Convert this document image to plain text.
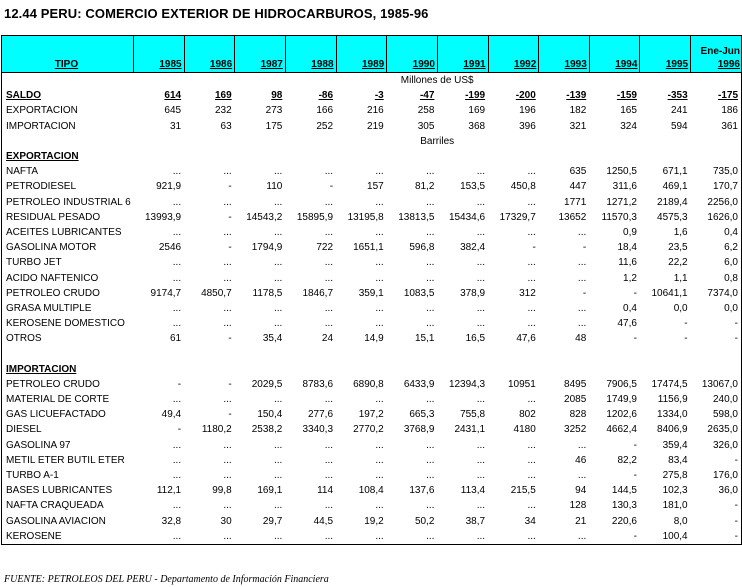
12.44 PERU: COMERCIO EXTERIOR DE HIDROCARBUROS, 1985-96
TIPO	1985	1986	1987	1988	1989	1990	1991	1992	1993	1994	1995	Ene-Jun
1996
	Millones de US$											
SALDO	614	169	98	-86	-3	-47	-199	-200	-139	-159	-353	-175
EXPORTACION	645	232	273	166	216	258	169	196	182	165	241	186
IMPORTACION	31	63	175	252	219	305	368	396	321	324	594	361
	Barriles											
EXPORTACION												
NAFTA	...	...	...	...	...	...	...	...	635	1250,5	671,1	735,0
PETRODIESEL	921,9	-	110	-	157	81,2	153,5	450,8	447	311,6	469,1	170,7
PETROLEO INDUSTRIAL 6	...	...	...	...	...	...	...	...	1771	1271,2	2189,4	2256,0
RESIDUAL PESADO	13993,9	-	14543,2	15895,9	13195,8	13813,5	15434,6	17329,7	13652	11570,3	4575,3	1626,0
ACEITES LUBRICANTES	...	...	...	...	...	...	...	...	...	0,9	1,6	0,4
GASOLINA MOTOR	2546	-	1794,9	722	1651,1	596,8	382,4	-	-	18,4	23,5	6,2
TURBO JET	...	...	...	...	...	...	...	...	...	11,6	22,2	6,0
ACIDO NAFTENICO	...	...	...	...	...	...	...	...	...	1,2	1,1	0,8
PETROLEO CRUDO	9174,7	4850,7	1178,5	1846,7	359,1	1083,5	378,9	312	-	-	10641,1	7374,0
GRASA MULTIPLE	...	...	...	...	...	...	...	...	...	0,4	0,0	0,0
KEROSENE DOMESTICO	...	...	...	...	...	...	...	...	...	47,6	-	-
OTROS	61	-	35,4	24	14,9	15,1	16,5	47,6	48	-	-	-

IMPORTACION												
PETROLEO CRUDO	-	-	2029,5	8783,6	6890,8	6433,9	12394,3	10951	8495	7906,5	17474,5	13067,0
MATERIAL DE CORTE	...	...	...	...	...	...	...	...	2085	1749,9	1156,9	240,0
GAS LICUEFACTADO	49,4	-	150,4	277,6	197,2	665,3	755,8	802	828	1202,6	1334,0	598,0
DIESEL	-	1180,2	2538,2	3340,3	2770,2	3768,9	2431,1	4180	3252	4662,4	8406,9	2635,0
GASOLINA 97	...	...	...	...	...	...	...	...	...	-	359,4	326,0
METIL ETER BUTIL ETER	...	...	...	...	...	...	...	...	46	82,2	83,4	-
TURBO A-1	...	...	...	...	...	...	...	...	...	-	275,8	176,0
BASES LUBRICANTES	112,1	99,8	169,1	114	108,4	137,6	113,4	215,5	94	144,5	102,3	36,0
NAFTA CRAQUEADA	...	...	...	...	...	...	...	...	128	130,3	181,0	-
GASOLINA AVIACION	32,8	30	29,7	44,5	19,2	50,2	38,7	34	21	220,6	8,0	-
KEROSENE	...	...	...	...	...	...	...	...	...	-	100,4	-
FUENTE: PETROLEOS DEL PERU - Departamento de Información Financiera
